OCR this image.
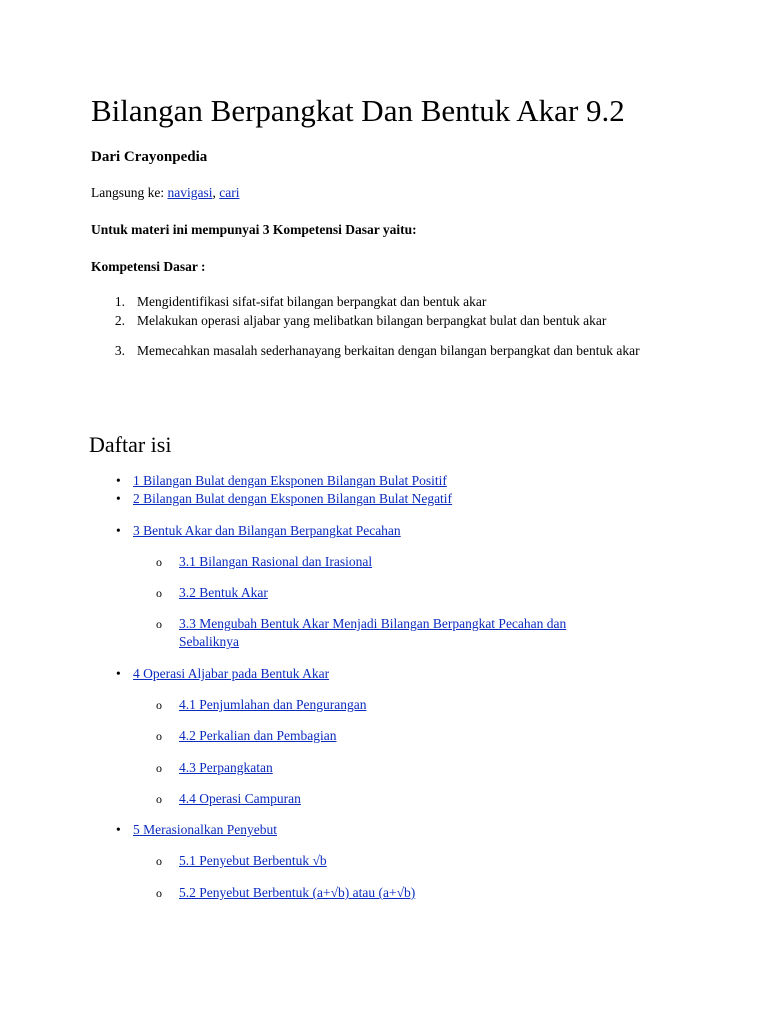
Bilangan Berpangkat Dan Bentuk Akar 9.2
Dari Crayonpedia
Langsung ke: navigasi, cari
Untuk materi ini mempunyai 3 Kompetensi Dasar yaitu:
Kompetensi Dasar :
1. Mengidentifikasi sifat-sifat bilangan berpangkat dan bentuk akar
2. Melakukan operasi aljabar yang melibatkan bilangan berpangkat bulat dan bentuk akar
3. Memecahkan masalah sederhanayang berkaitan dengan bilangan berpangkat dan bentuk akar
Daftar isi
• 1 Bilangan Bulat dengan Eksponen Bilangan Bulat Positif
• 2 Bilangan Bulat dengan Eksponen Bilangan Bulat Negatif
• 3 Bentuk Akar dan Bilangan Berpangkat Pecahan
o 3.1 Bilangan Rasional dan Irasional
o 3.2 Bentuk Akar
o 3.3 Mengubah Bentuk Akar Menjadi Bilangan Berpangkat Pecahan dan Sebaliknya
• 4 Operasi Aljabar pada Bentuk Akar
o 4.1 Penjumlahan dan Pengurangan
o 4.2 Perkalian dan Pembagian
o 4.3 Perpangkatan
o 4.4 Operasi Campuran
• 5 Merasionalkan Penyebut
o 5.1 Penyebut Berbentuk √b
o 5.2 Penyebut Berbentuk (a+√b) atau (a+√b)
